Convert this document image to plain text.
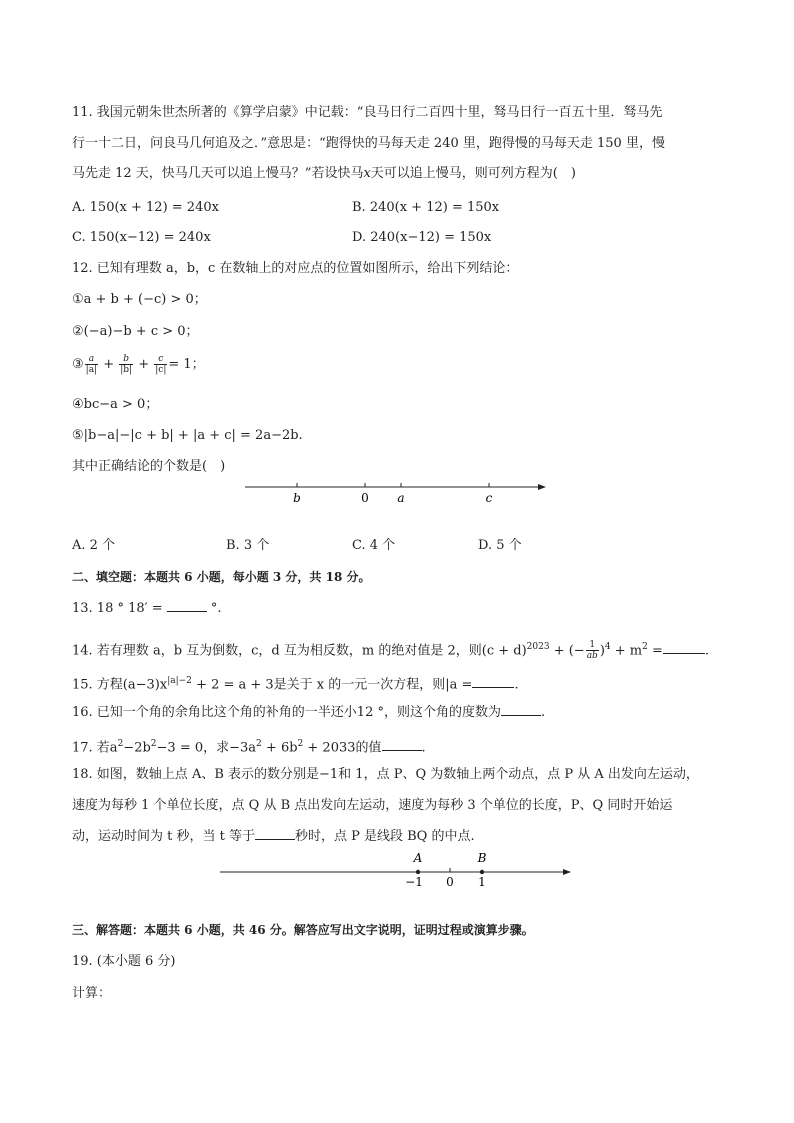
11. 我国元朝朱世杰所著的《算学启蒙》中记载：“良马日行二百四十里，驽马日行一百五十里．驽马先
行一十二日，问良马几何追及之．”意思是：“跑得快的马每天走 240 里，跑得慢的马每天走 150 里，慢
马先走 12 天，快马几天可以追上慢马？”若设快马x天可以追上慢马，则可列方程为(　)
A. 150(x + 12) = 240x	B. 240(x + 12) = 150x
C. 150(x−12) = 240x	D. 240(x−12) = 150x
12. 已知有理数 a，b，c 在数轴上的对应点的位置如图所示，给出下列结论：
①a + b + (−c) > 0；
②(−a)−b + c > 0；
③ $\frac{a}{|a|} + \frac{b}{|b|} + \frac{c}{|c|} = 1$；
④bc−a > 0；
⑤|b−a|−|c + b| + |a + c| = 2a−2b.
其中正确结论的个数是(　)
b	0 a	c
A. 2 个	B. 3 个	C. 4 个	D. 5 个
二、填空题：本题共 6 小题，每小题 3 分，共 18 分。
13. 18 ° 18′ =	°.
14. 若有理数 a，b 互为倒数，c，d 互为相反数，m 的绝对值是 2，则$(c + d)^{2023}$ + (− $\frac{1}{ab} )^4 + m^2$ =	.
15. 方程$(a-3)x^{|a|-2} + 2 = a + 3$是关于 x 的一元一次方程，则|a =	.
16. 已知一个角的余角比这个角的补角的一半还小12 °，则这个角的度数为	.
17. 若$a^2-2b^2-3 = 0$，求$-3a^2 + 6b^2 + 2033$的值	.
18. 如图，数轴上点 A、B 表示的数分别是−1和 1，点 P、Q 为数轴上两个动点，点 P 从 A 出发向左运动，
速度为每秒 1 个单位长度，点 Q 从 B 点出发向左运动，速度为每秒 3 个单位的长度，P、Q 同时开始运
动，运动时间为 t 秒，当 t 等于	秒时，点 P 是线段 BQ 的中点.
A	B
−1 0 1
三、解答题：本题共 6 小题，共 46 分。解答应写出文字说明，证明过程或演算步骤。
19. (本小题 6 分)
计算：
